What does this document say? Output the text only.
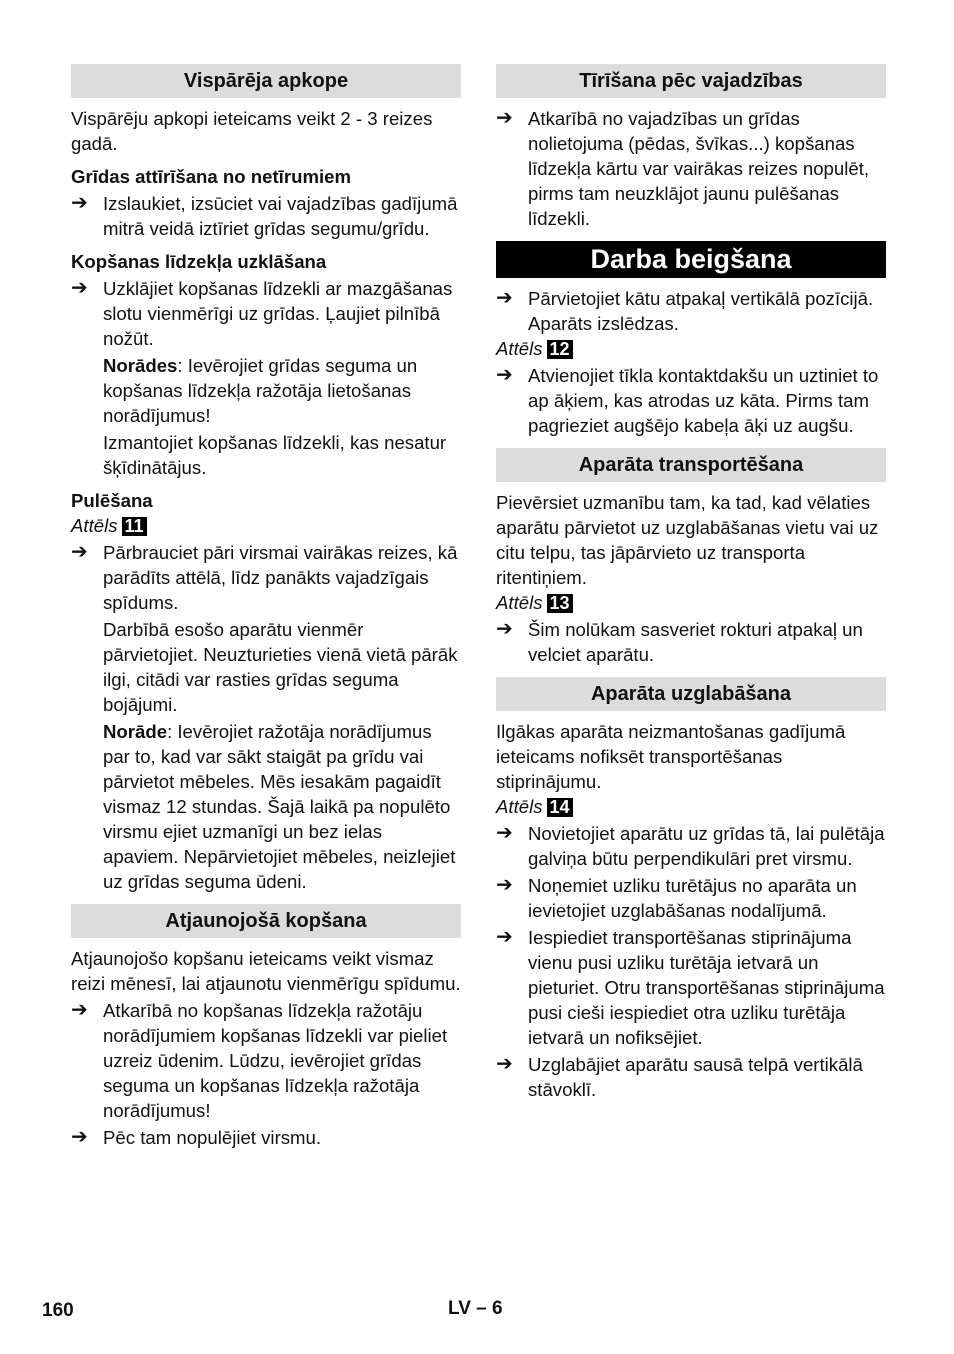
Vispārēja apkope

Vispārēju apkopi ieteicams veikt 2 - 3 reizes gadā.

Grīdas attīrīšana no netīrumiem

➔ Izslaukiet, izsūciet vai vajadzības gadījumā mitrā veidā iztīriet grīdas segumu/grīdu.

Kopšanas līdzekļa uzklāšana

➔ Uzklājiet kopšanas līdzekli ar mazgāšanas slotu vienmērīgi uz grīdas. Ļaujiet pilnībā nožūt.

Norādes: Ievērojiet grīdas seguma un kopšanas līdzekļa ražotāja lietošanas norādījumus!

Izmantojiet kopšanas līdzekli, kas nesatur šķīdinātājus.

Pulēšana

Attēls 11

➔ Pārbrauciet pāri virsmai vairākas reizes, kā parādīts attēlā, līdz panākts vajadzīgais spīdums.

Darbībā esošo aparātu vienmēr pārvietojiet. Neuzturieties vienā vietā pārāk ilgi, citādi var rasties grīdas seguma bojājumi.

Norāde: Ievērojiet ražotāja norādījumus par to, kad var sākt staigāt pa grīdu vai pārvietot mēbeles. Mēs iesakām pagaidīt vismaz 12 stundas. Šajā laikā pa nopulēto virsmu ejiet uzmanīgi un bez ielas apaviem. Nepārvietojiet mēbeles, neizlejiet uz grīdas seguma ūdeni.

Atjaunojošā kopšana

Atjaunojošo kopšanu ieteicams veikt vismaz reizi mēnesī, lai atjaunotu vienmērīgu spīdumu.

➔ Atkarībā no kopšanas līdzekļa ražotāju norādījumiem kopšanas līdzekli var pieliet uzreiz ūdenim. Lūdzu, ievērojiet grīdas seguma un kopšanas līdzekļa ražotāja norādījumus!
➔ Pēc tam nopulējiet virsmu.
Tīrīšana pēc vajadzības
➔ Atkarībā no vajadzības un grīdas nolietojuma (pēdas, švīkas...) kopšanas līdzekļa kārtu var vairākas reizes nopulēt, pirms tam neuzklājot jaunu pulēšanas līdzekli.
Darba beigšana
➔ Pārvietojiet kātu atpakaļ vertikālā pozīcijā. Aparāts izslēdzas.

Attēls 12

➔ Atvienojiet tīkla kontaktdakšu un uztiniet to ap āķiem, kas atrodas uz kāta. Pirms tam pagrieziet augšējo kabeļa āķi uz augšu.
Aparāta transportēšana

Pievērsiet uzmanību tam, ka tad, kad vēlaties aparātu pārvietot uz uzglabāšanas vietu vai uz citu telpu, tas jāpārvieto uz transporta ritentiņiem.

Attēls 13

➔ Šim nolūkam sasveriet rokturi atpakaļ un velciet aparātu.
Aparāta uzglabāšana

Ilgākas aparāta neizmantošanas gadījumā ieteicams nofiksēt transportēšanas stiprinājumu.

Attēls 14

➔ Novietojiet aparātu uz grīdas tā, lai pulētāja galviņa būtu perpendikulāri pret virsmu.
➔ Noņemiet uzliku turētājus no aparāta un ievietojiet uzglabāšanas nodalījumā.
➔ Iespiediet transportēšanas stiprinājuma vienu pusi uzliku turētāja ietvarā un pieturiet. Otru transportēšanas stiprinājuma pusi cieši iespiediet otra uzliku turētāja ietvarā un nofiksējiet.
➔ Uzglabājiet aparātu sausā telpā vertikālā stāvoklī.
160	LV – 6
